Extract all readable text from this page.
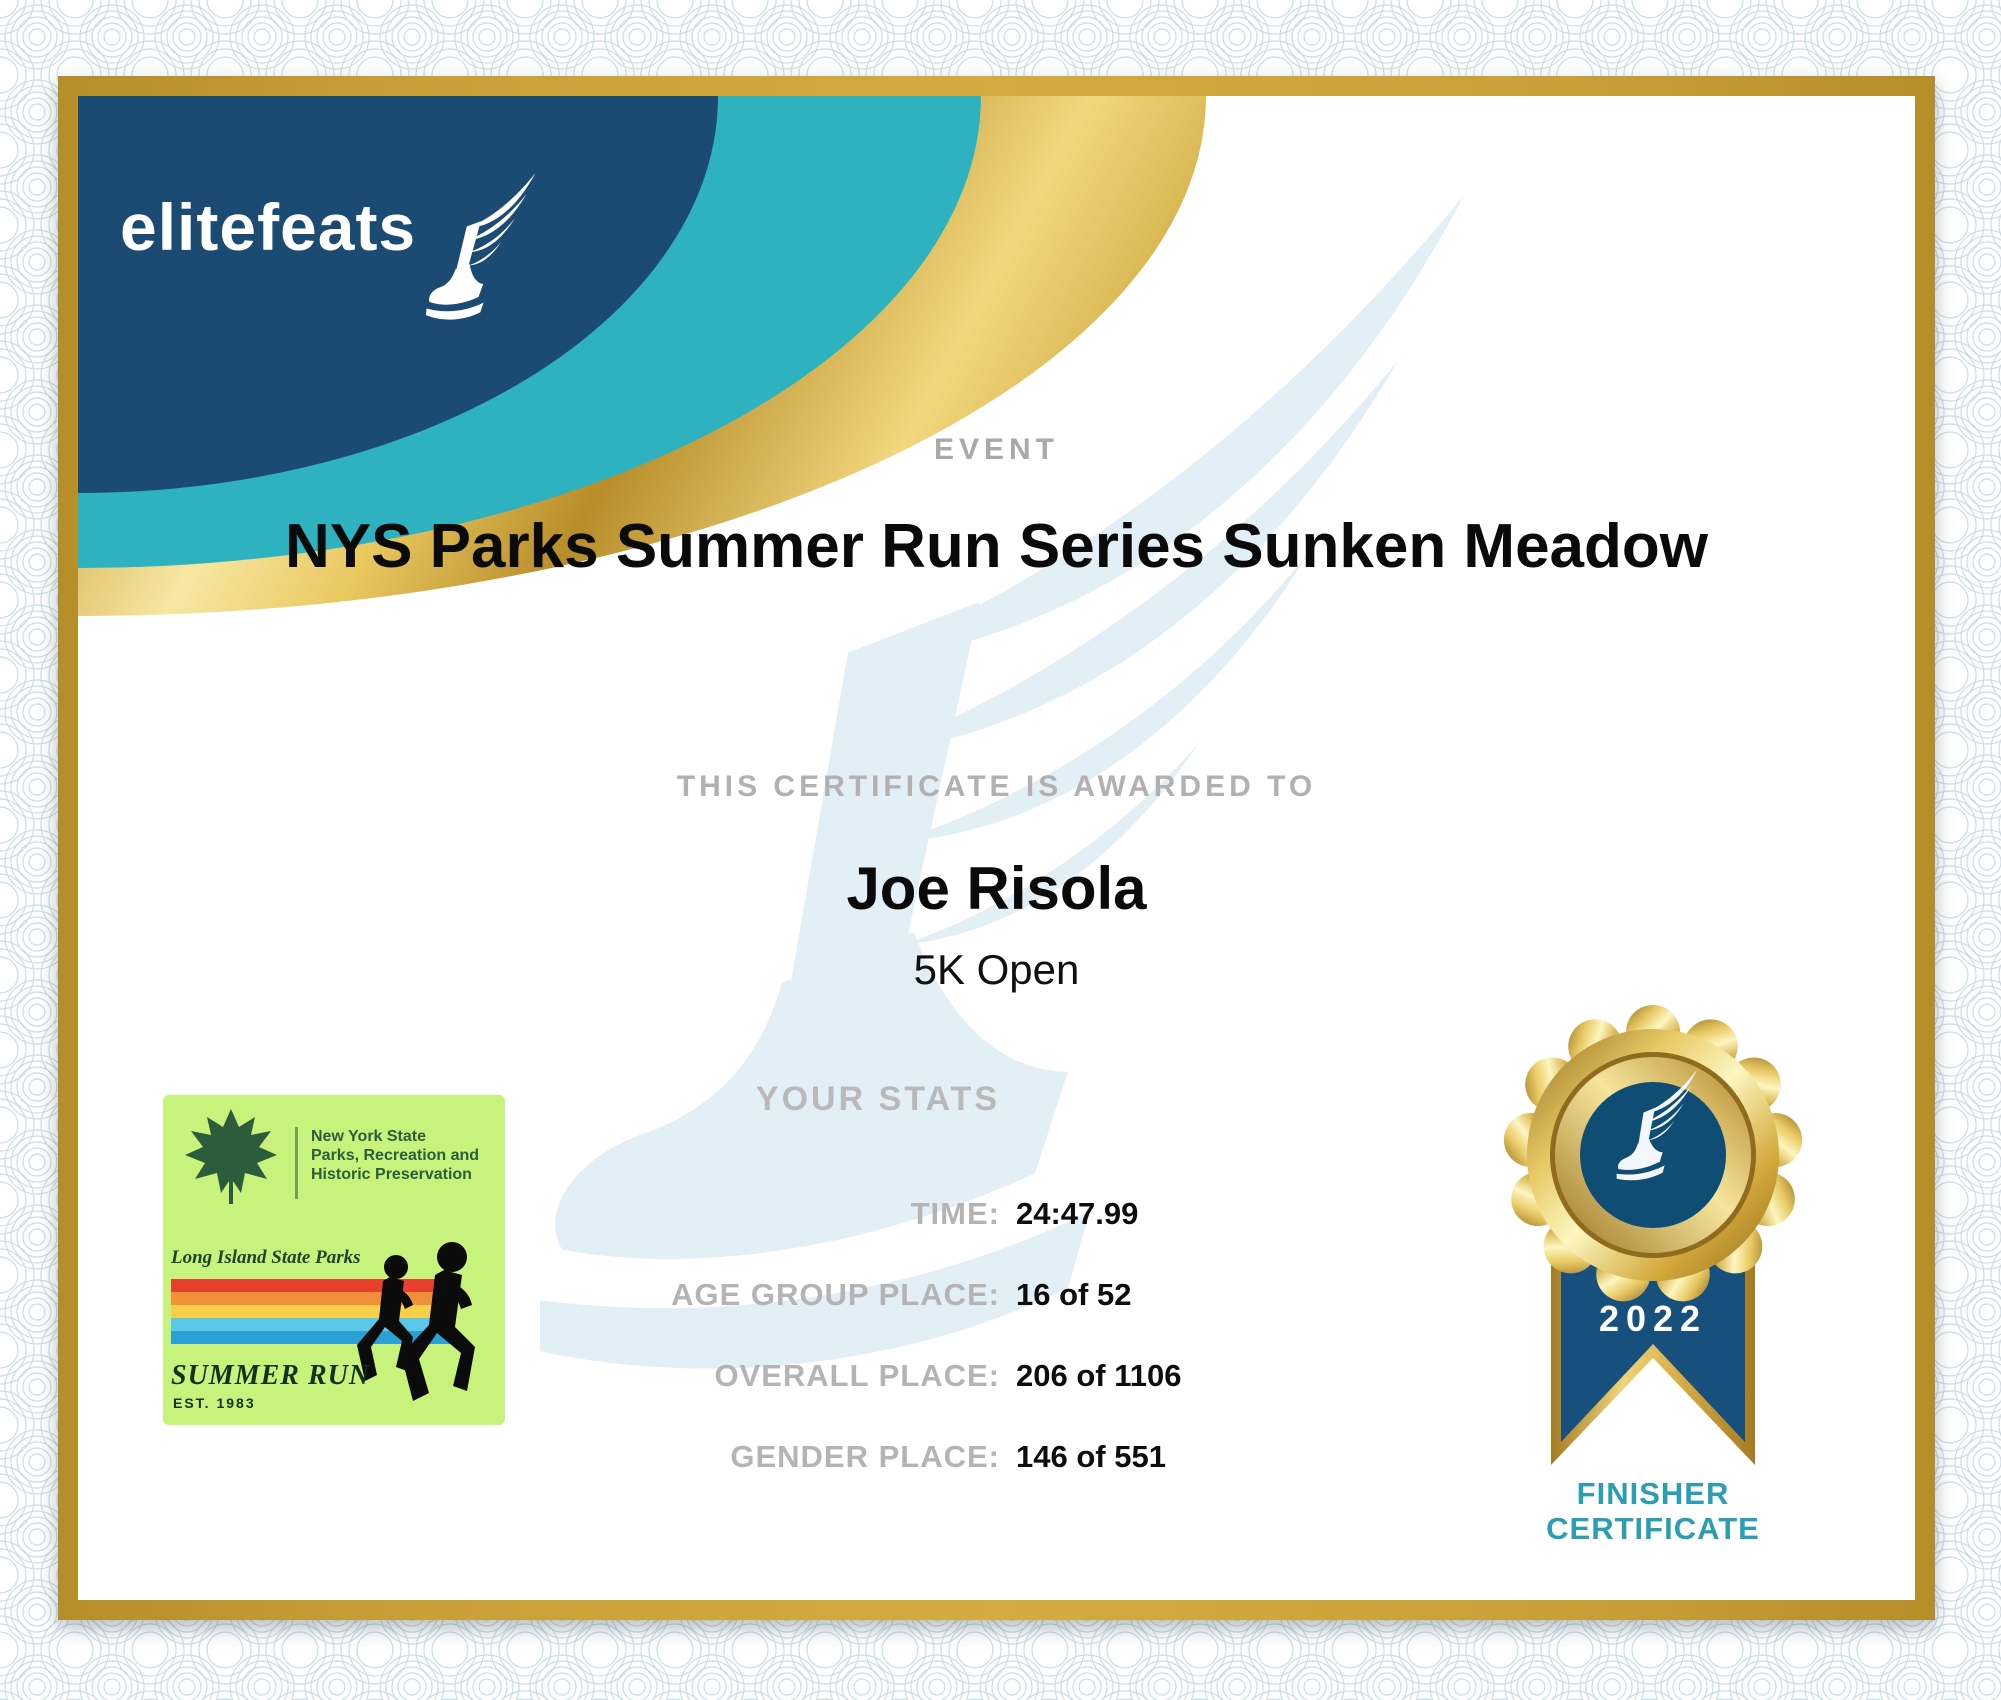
elitefeats
EVENT
NYS Parks Summer Run Series Sunken Meadow
THIS CERTIFICATE IS AWARDED TO
Joe Risola
5K Open
YOUR STATS
TIME: 24:47.99
AGE GROUP PLACE: 16 of 52
OVERALL PLACE: 206 of 1106
GENDER PLACE: 146 of 551
New York State
Parks, Recreation and
Historic Preservation
Long Island State Parks
SUMMER RUN
EST. 1983
2022
FINISHER
CERTIFICATE
